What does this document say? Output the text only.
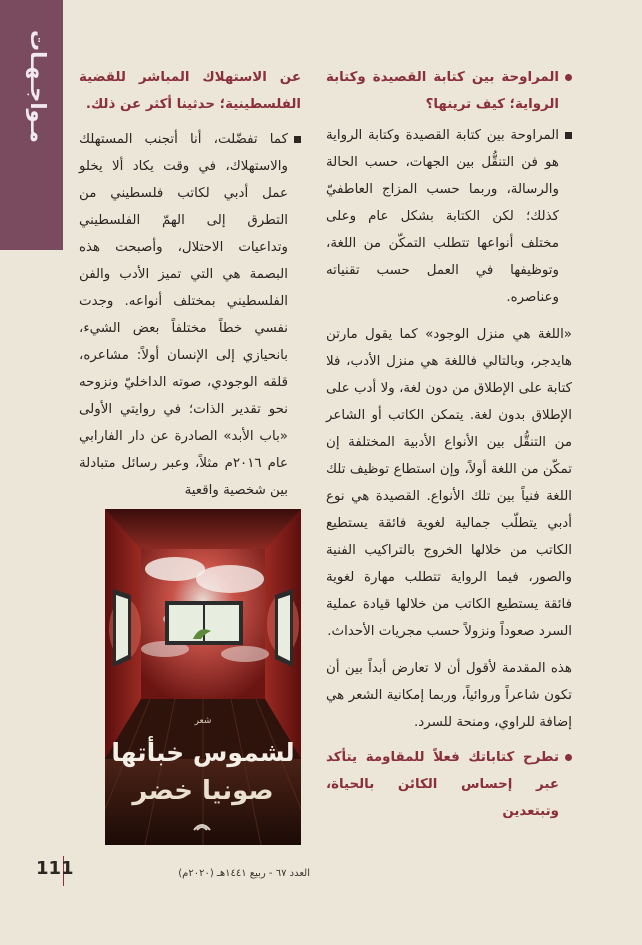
مـواجـهـات	المراوحة بين كتابة القصيدة وكتابة الرواية؛ كيف ترينها؟
المراوحة بين كتابة القصيدة وكتابة الرواية هو فن التنقُّل بين الجهات، حسب الحالة والرسالة، وربما حسب المزاج العاطفيّ كذلك؛ لكن الكتابة بشكل عام وعلى مختلف أنواعها تتطلب التمكّن من اللغة، وتوظيفها في العمل حسب تقنياته وعناصره.
«اللغة هي منزل الوجود» كما يقول مارتن هايدجر، وبالتالي فاللغة هي منزل الأدب، فلا كتابة على الإطلاق من دون لغة، ولا أدب على الإطلاق بدون لغة. يتمكن الكاتب أو الشاعر من التنقُّل بين الأنواع الأدبية المختلفة إن تمكّن من اللغة أولاً، وإن استطاع توظيف تلك اللغة فنياً بين تلك الأنواع. القصيدة هي نوع أدبي يتطلّب جمالية لغوية فائقة يستطيع الكاتب من خلالها الخروج بالتراكيب الفنية والصور، فيما الرواية تتطلب مهارة لغوية فائقة يستطيع الكاتب من خلالها قيادة عملية السرد صعوداً ونزولاً حسب مجريات الأحداث.
هذه المقدمة لأقول أن لا تعارض أبداً بين أن تكون شاعراً وروائياً، وربما إمكانية الشعر هي إضافة للراوي، ومنحة للسرد.
تطرح كتاباتك فعلاً للمقاومة يتأكد عبر إحساس الكائن بالحياة، وتبتعدين
عن الاستهلاك المباشر للقضية الفلسطينية؛ حدثينا أكثر عن ذلك.
كما تفضّلت، أنا أتجنب المستهلك والاستهلاك، في وقت يكاد ألا يخلو عمل أدبي لكاتب فلسطيني من التطرق إلى الهمّ الفلسطيني وتداعيات الاحتلال، وأصبحت هذه البصمة هي التي تميز الأدب والفن الفلسطيني بمختلف أنواعه. وجدت نفسي خطاً مختلفاً بعض الشيء، بانحيازي إلى الإنسان أولاً: مشاعره، قلقه الوجودي، صوته الداخليّ ونزوحه نحو تقدير الذات؛ في روايتي الأولى «باب الأبد» الصادرة عن دار الفارابي عام ٢٠١٦م مثلاً، وعبر رسائل متبادلة بين شخصية واقعية
شعر
لشموس خبأتها
صونيا خضر
111	العدد ٦٧ - ربيع ١٤٤١هـ (٢٠٢٠م)
